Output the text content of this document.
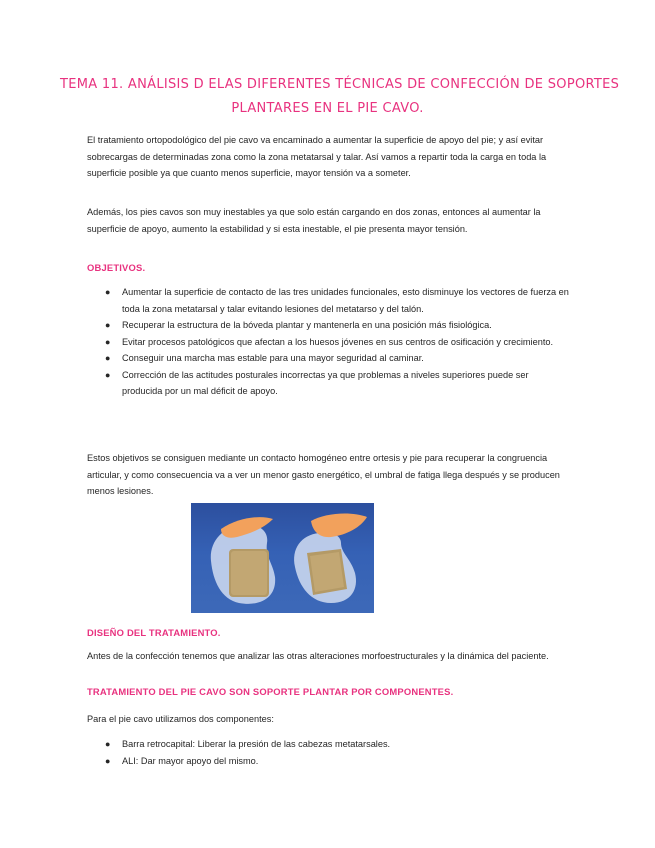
TEMA 11. ANÁLISIS D ELAS DIFERENTES TÉCNICAS DE CONFECCIÓN DE SOPORTES
PLANTARES EN EL PIE CAVO.
El tratamiento ortopodológico del pie cavo va encaminado a aumentar la superficie de apoyo del pie; y así evitar sobrecargas de determinadas zona como la zona metatarsal y talar. Así vamos a repartir toda la carga en toda la superficie posible ya que cuanto menos superficie, mayor tensión va a someter.
Además, los pies cavos son muy inestables ya que solo están cargando en dos zonas, entonces al aumentar la superficie de apoyo, aumento la estabilidad y si esta inestable, el pie presenta mayor tensión.
OBJETIVOS.
● Aumentar la superficie de contacto de las tres unidades funcionales, esto disminuye los vectores de fuerza en toda la zona metatarsal y talar evitando lesiones del metatarso y del talón.
● Recuperar la estructura de la bóveda plantar y mantenerla en una posición más fisiológica.
● Evitar procesos patológicos que afectan a los huesos jóvenes en sus centros de osificación y crecimiento.
● Conseguir una marcha mas estable para una mayor seguridad al caminar.
● Corrección de las actitudes posturales incorrectas ya que problemas a niveles superiores puede ser producida por un mal déficit de apoyo.
Estos objetivos se consiguen mediante un contacto homogéneo entre ortesis y pie para recuperar la congruencia articular, y como consecuencia va a ver un menor gasto energético, el umbral de fatiga llega después y se producen menos lesiones.
DISEÑO DEL TRATAMIENTO.
Antes de la confección tenemos que analizar las otras alteraciones morfoestructurales y la dinámica del paciente.
TRATAMIENTO DEL PIE CAVO SON SOPORTE PLANTAR POR COMPONENTES.
Para el pie cavo utilizamos dos componentes:
● Barra retrocapital: Liberar la presión de las cabezas metatarsales.
● ALI: Dar mayor apoyo del mismo.
